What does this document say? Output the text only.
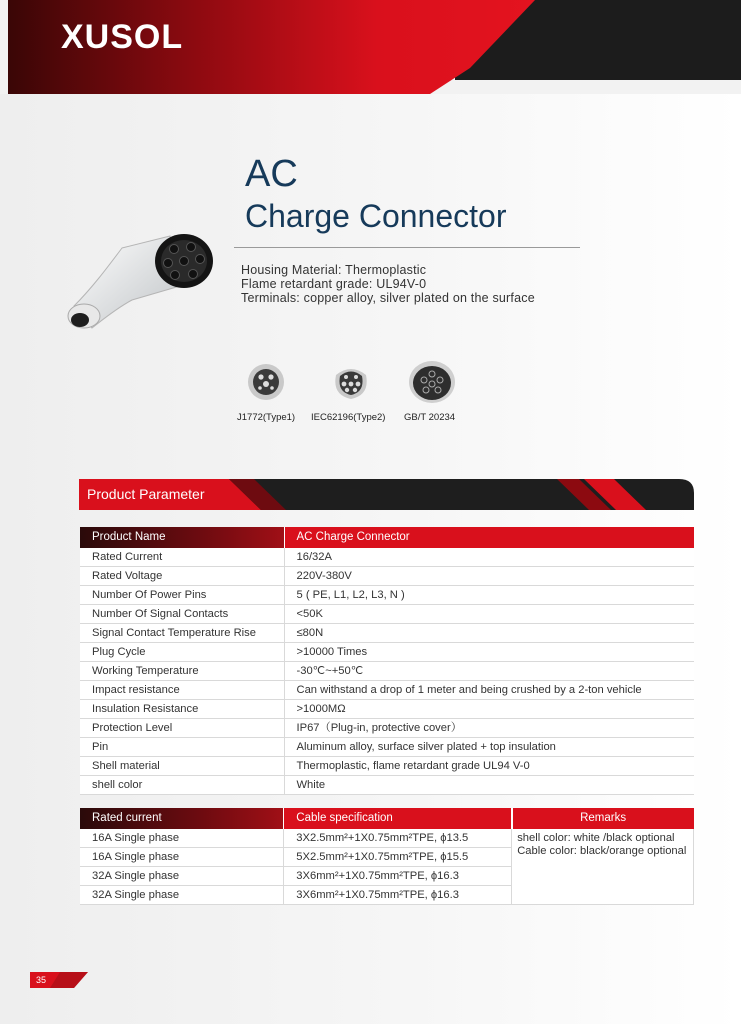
XUSOL
AC
Charge Connector
Housing Material: Thermoplastic
Flame retardant grade: UL94V-0
Terminals: copper alloy, silver plated on the surface
J1772(Type1) IEC62196(Type2) GB/T 20234
Product Parameter
Product Name	AC Charge Connector
Rated Current	16/32A
Rated Voltage	220V-380V
Number Of Power Pins	5 ( PE, L1, L2, L3, N )
Number Of Signal Contacts	<50K
Signal Contact Temperature Rise	≤80N
Plug Cycle	>10000 Times
Working Temperature	-30℃~+50℃
Impact resistance	Can withstand a drop of 1 meter and being crushed by a 2-ton vehicle
Insulation Resistance	>1000MΩ
Protection Level	IP67（Plug-in, protective cover）
Pin	Aluminum alloy, surface silver plated + top insulation
Shell material	Thermoplastic, flame retardant grade UL94 V-0
shell color	White
Rated current	Cable specification	Remarks
16A Single phase	3X2.5mm²+1X0.75mm²TPE, ϕ13.5	shell color: white /black optional
Cable color: black/orange optional

16A Single phase	5X2.5mm²+1X0.75mm²TPE, ϕ15.5	
32A Single phase	3X6mm²+1X0.75mm²TPE, ϕ16.3	
32A Single phase	3X6mm²+1X0.75mm²TPE, ϕ16.3	
35
